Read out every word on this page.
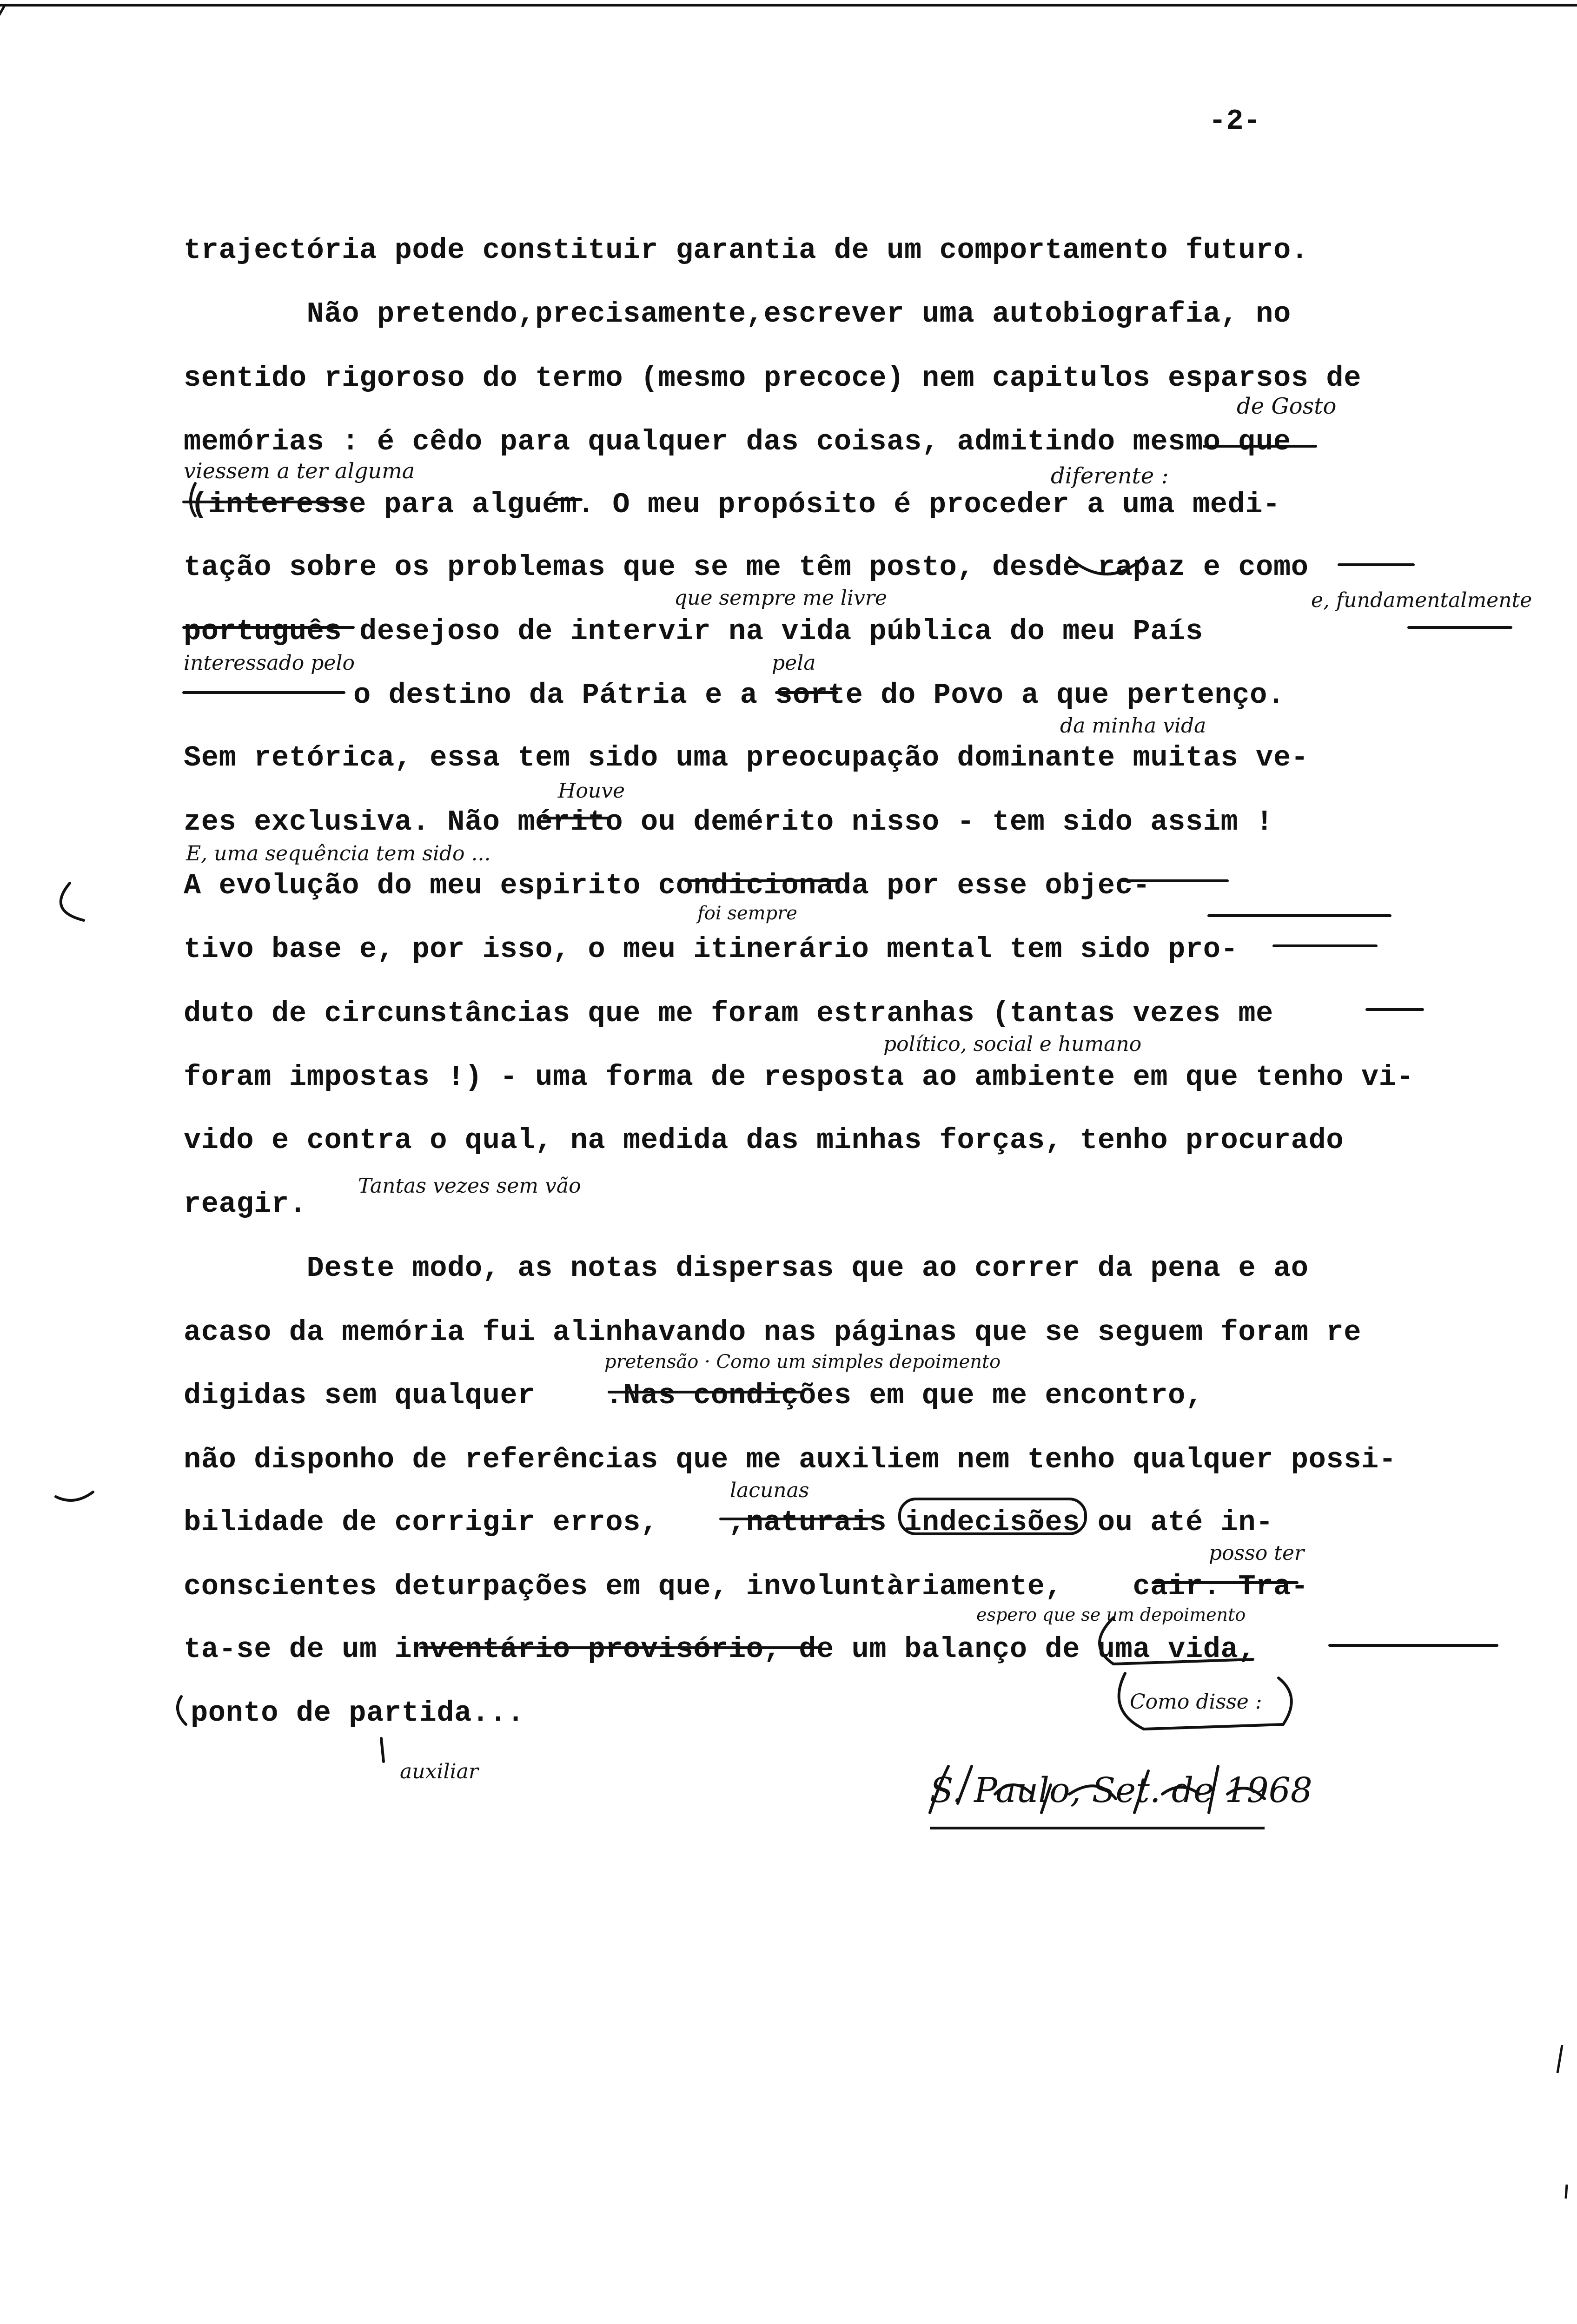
-2-
trajectória pode constituir garantia de um comportamento futuro.
Não pretendo,precisamente,escrever uma autobiografia, no
sentido rigoroso do termo (mesmo precoce) nem capitulos esparsos de
memórias : é cêdo para qualquer das coisas, admitindo mesmo que
(interesse para alguém. O meu propósito é proceder a uma medi-
tação sobre os problemas que se me têm posto, desde rapaz e como
português desejoso de intervir na vida pública do meu País
o destino da Pátria e a sorte do Povo a que pertenço.
Sem retórica, essa tem sido uma preocupação dominante muitas ve-
zes exclusiva. Não mérito ou demérito nisso - tem sido assim !
A evolução do meu espirito condicionada por esse objec-
tivo base e, por isso, o meu itinerário mental tem sido pro-
duto de circunstâncias que me foram estranhas (tantas vezes me
foram impostas !) - uma forma de resposta ao ambiente em que tenho vi-
vido e contra o qual, na medida das minhas forças, tenho procurado
reagir.
Deste modo, as notas dispersas que ao correr da pena e ao
acaso da memória fui alinhavando nas páginas que se seguem foram re
digidas sem qualquer    .Nas condições em que me encontro,
não disponho de referências que me auxiliem nem tenho qualquer possi-
bilidade de corrigir erros,    ,naturais indecisões ou até in-
conscientes deturpações em que, involuntàriamente,    cair. Tra-
ta-se de um inventário provisório, de um balanço de uma vida,
ponto de partida...
de Gosto
viessem a ter alguma	diferente :
que sempre me livre	e, fundamentalmente
interessado pelo	pela
da minha vida
Houve
E, uma sequência tem sido ...
foi sempre
político, social e humano
Tantas vezes sem vão
pretensão · Como um simples depoimento
lacunas
posso ter
espero que se um depoimento
Como disse :
auxiliar	S. Paulo, Set. de 1968
